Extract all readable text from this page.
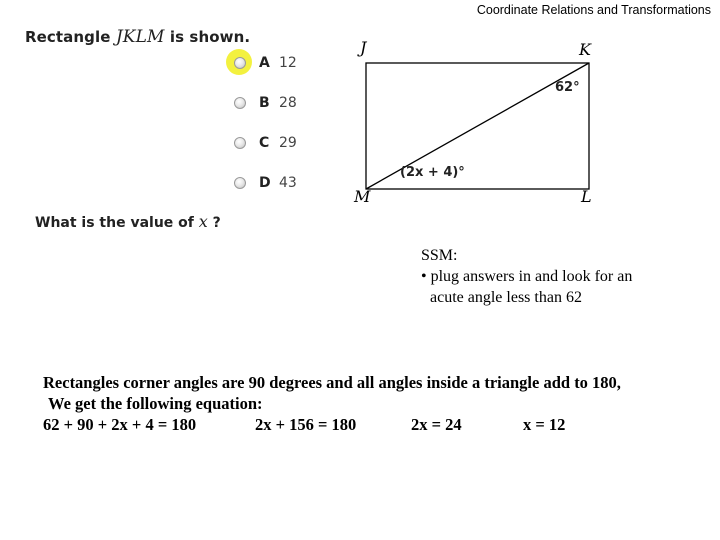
Coordinate Relations and Transformations
Rectangle JKLM is shown.
A 12
B 28
C 29
D 43
What is the value of x ?
J	K
M	L
62°
(2x + 4)°
SSM:
• plug answers in and look for an
acute angle less than 62
Rectangles corner angles are 90 degrees and all angles inside a triangle add to 180,
We get the following equation:
62 + 90 + 2x + 4 = 180	2x + 156 = 180	2x = 24	x = 12
